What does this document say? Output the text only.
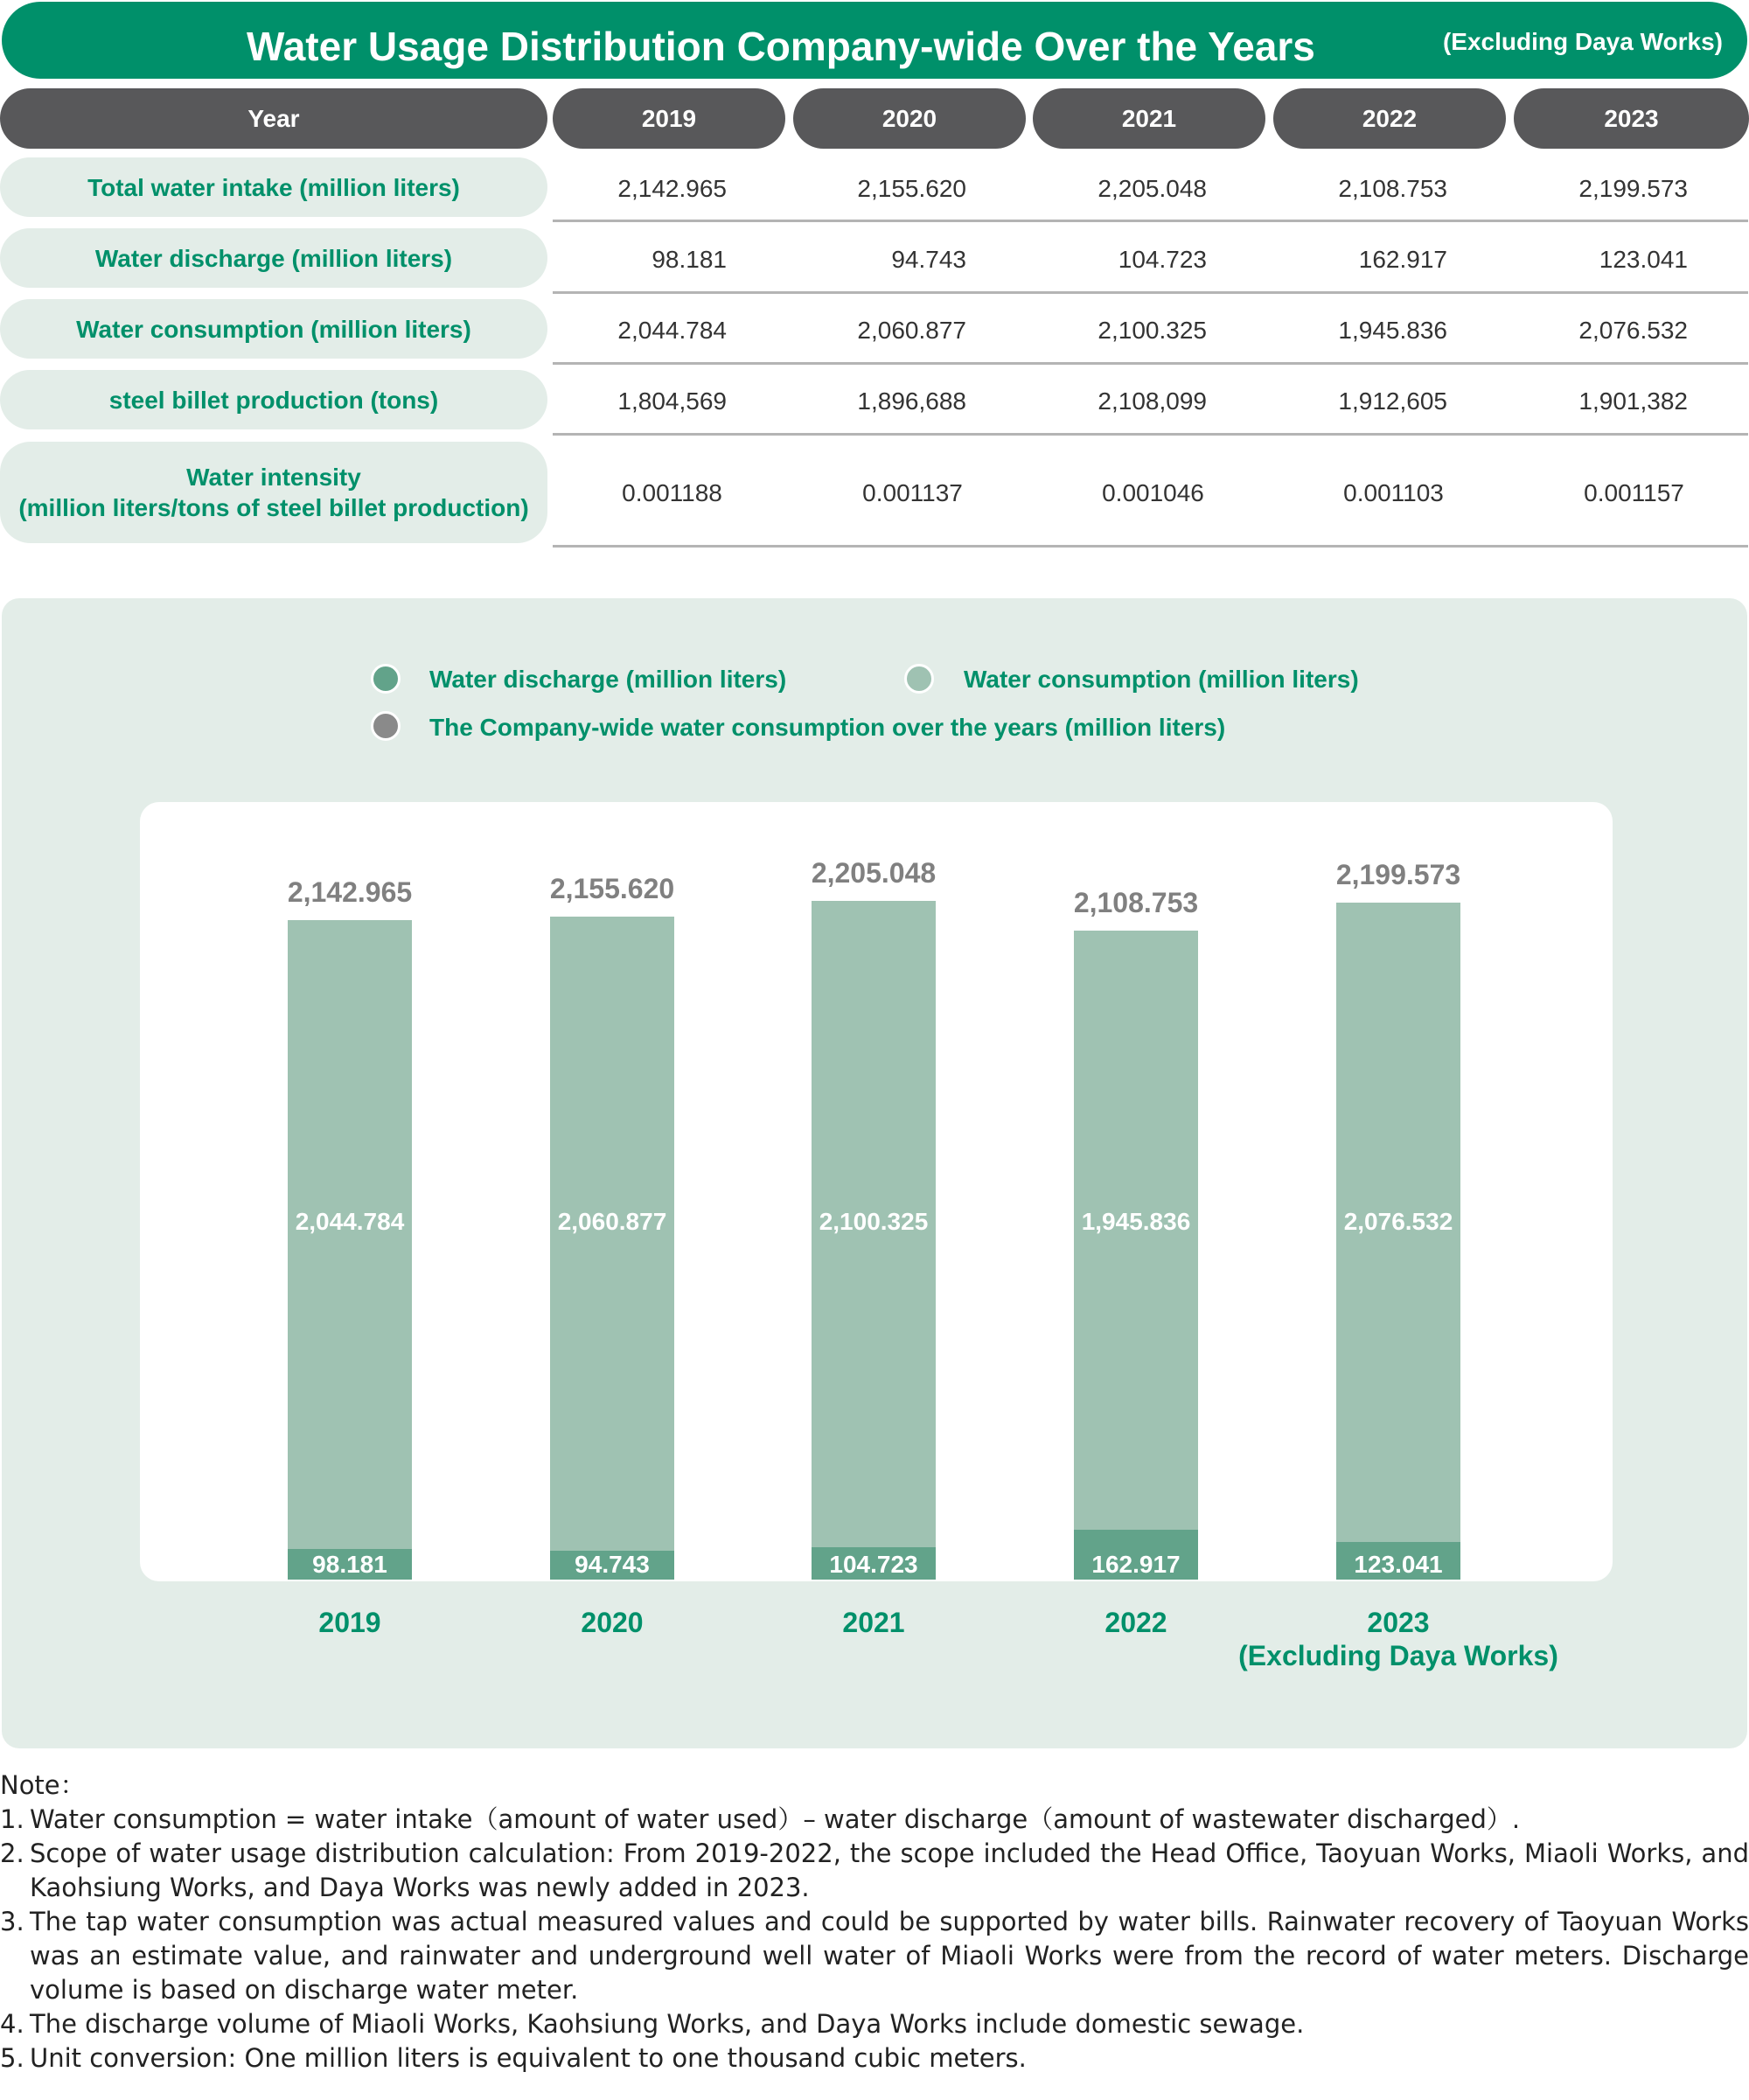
Water Usage Distribution Company-wide Over the Years	(Excluding Daya Works)
Year	2019	2020	2021	2022	2023
Total water intake (million liters)	2,142.965	2,155.620	2,205.048	2,108.753	2,199.573
Water discharge (million liters)	98.181	94.743	104.723	162.917	123.041
Water consumption (million liters)	2,044.784	2,060.877	2,100.325	1,945.836	2,076.532
steel billet production (tons)	1,804,569	1,896,688	2,108,099	1,912,605	1,901,382
Water intensity
(million liters/tons of steel billet production)
0.001188	0.001137	0.001046	0.001103	0.001157
Water discharge (million liters)	Water consumption (million liters)
The Company-wide water consumption over the years (million liters)
2,142.965
2,044.784
98.181
2019
2,155.620
2,060.877
94.743
2020
2,205.048
2,100.325
104.723
2021
2,108.753
1,945.836
162.917
2022
2,199.573
2,076.532
123.041
2023
(Excluding Daya Works)
Note：
1. Water consumption = water intake（amount of water used）– water discharge（amount of wastewater discharged）.
2. Scope of water usage distribution calculation: From 2019-2022, the scope included the Head Office, Taoyuan Works, Miaoli Works, and Kaohsiung Works, and Daya Works was newly added in 2023.
3. The tap water consumption was actual measured values and could be supported by water bills. Rainwater recovery of Taoyuan Works was an estimate value, and rainwater and underground well water of Miaoli Works were from the record of water meters. Discharge volume is based on discharge water meter.
4. The discharge volume of Miaoli Works, Kaohsiung Works, and Daya Works include domestic sewage.
5. Unit conversion: One million liters is equivalent to one thousand cubic meters.
